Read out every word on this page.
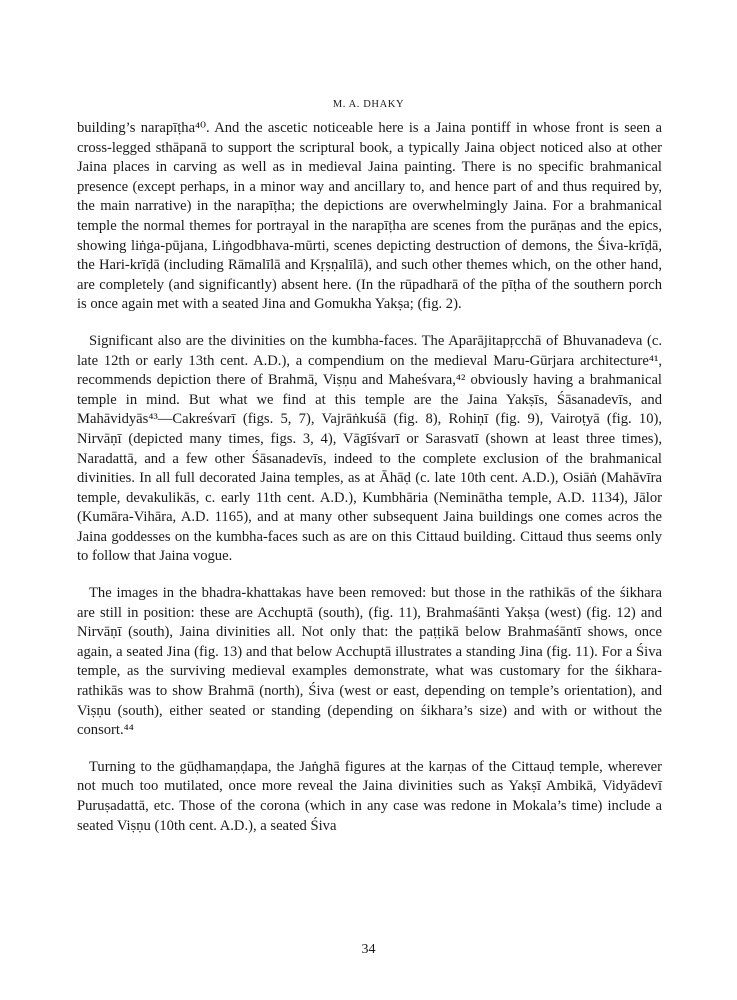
M. A. DHAKY

building’s narapīṭha⁴⁰. And the ascetic noticeable here is a Jaina pontiff in whose front is seen a cross-legged sthāpanā to support the scriptural book, a typically Jaina object noticed also at other Jaina places in carving as well as in medieval Jaina painting. There is no specific brahmanical presence (except perhaps, in a minor way and ancillary to, and hence part of and thus required by, the main narrative) in the narapīṭha; the depictions are overwhelmingly Jaina. For a brahmanical temple the normal themes for portrayal in the narapīṭha are scenes from the purāṇas and the epics, showing liṅga-pūjana, Liṅgodbhava-mūrti, scenes depicting destruction of demons, the Śiva-krīḍā, the Hari-krīḍā (including Rāmalīlā and Kṛṣṇalīlā), and such other themes which, on the other hand, are completely (and significantly) absent here. (In the rūpadharā of the pīṭha of the southern porch is once again met with a seated Jina and Gomukha Yakṣa; (fig. 2).

Significant also are the divinities on the kumbha-faces. The Aparājitapṛcchā of Bhuvanadeva (c. late 12th or early 13th cent. A.D.), a compendium on the medieval Maru-Gūrjara architecture⁴¹, recommends depiction there of Brahmā, Viṣṇu and Maheśvara,⁴² obviously having a brahmanical temple in mind. But what we find at this temple are the Jaina Yakṣīs, Śāsanadevīs, and Mahāvidyās⁴³—Cakreśvarī (figs. 5, 7), Vajrāṅkuśā (fig. 8), Rohiṇī (fig. 9), Vairoṭyā (fig. 10), Nirvāṇī (depicted many times, figs. 3, 4), Vāgīśvarī or Sarasvatī (shown at least three times), Naradattā, and a few other Śāsanadevīs, indeed to the complete exclusion of the brahmanical divinities. In all full decorated Jaina temples, as at Āhāḍ (c. late 10th cent. A.D.), Osiāṅ (Mahāvīra temple, devakulikās, c. early 11th cent. A.D.), Kumbhāria (Neminātha temple, A.D. 1134), Jālor (Kumāra-Vihāra, A.D. 1165), and at many other subsequent Jaina buildings one comes acros the Jaina goddesses on the kumbha-faces such as are on this Cittaud building. Cittaud thus seems only to follow that Jaina vogue.

The images in the bhadra-khattakas have been removed: but those in the rathikās of the śikhara are still in position: these are Acchuptā (south), (fig. 11), Brahmaśānti Yakṣa (west) (fig. 12) and Nirvāṇī (south), Jaina divinities all. Not only that: the paṭṭikā below Brahmaśāntī shows, once again, a seated Jina (fig. 13) and that below Acchuptā illustrates a standing Jina (fig. 11). For a Śiva temple, as the surviving medieval examples demonstrate, what was customary for the śikhara-rathikās was to show Brahmā (north), Śiva (west or east, depending on temple’s orientation), and Viṣṇu (south), either seated or standing (depending on śikhara’s size) and with or without the consort.⁴⁴

Turning to the gūḍhamaṇḍapa, the Jaṅghā figures at the karṇas of the Cittauḍ temple, wherever not much too mutilated, once more reveal the Jaina divinities such as Yakṣī Ambikā, Vidyādevī Puruṣadattā, etc. Those of the corona (which in any case was redone in Mokala’s time) include a seated Viṣṇu (10th cent. A.D.), a seated Śiva

34
